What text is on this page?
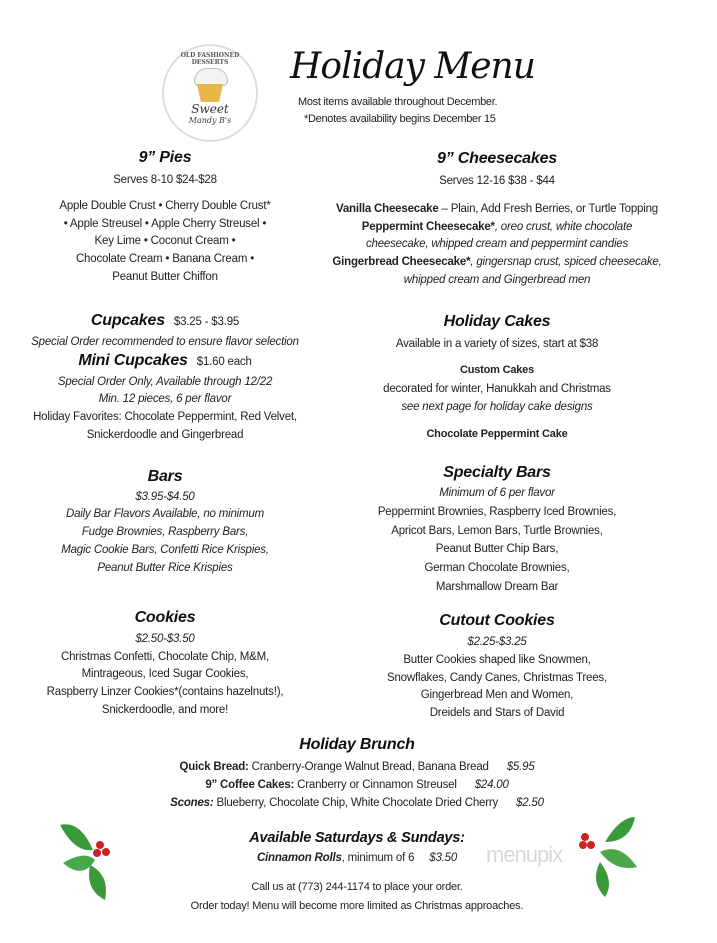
OLD FASHIONED DESSERTS
Sweet
Mandy B's
Holiday Menu
Most items available throughout December.
*Denotes availability begins December 15
9” Pies
Serves 8-10 $24-$28
Apple Double Crust • Cherry Double Crust*
• Apple Streusel • Apple Cherry Streusel •
Key Lime • Coconut Cream •
Chocolate Cream • Banana Cream •
Peanut Butter Chiffon
9” Cheesecakes
Serves 12-16 $38 - $44
Vanilla Cheesecake – Plain, Add Fresh Berries, or Turtle Topping
Peppermint Cheesecake*, oreo crust, white chocolate
cheesecake, whipped cream and peppermint candies
Gingerbread Cheesecake*, gingersnap crust, spiced cheesecake,
whipped cream and Gingerbread men
Cupcakes $3.25 - $3.95
Special Order recommended to ensure flavor selection
Mini Cupcakes $1.60 each
Special Order Only, Available through 12/22
Min. 12 pieces, 6 per flavor
Holiday Favorites: Chocolate Peppermint, Red Velvet,
Snickerdoodle and Gingerbread
Holiday Cakes
Available in a variety of sizes, start at $38
Custom Cakes
decorated for winter, Hanukkah and Christmas
see next page for holiday cake designs
Chocolate Peppermint Cake
Bars
$3.95-$4.50
Daily Bar Flavors Available, no minimum
Fudge Brownies, Raspberry Bars,
Magic Cookie Bars, Confetti Rice Krispies,
Peanut Butter Rice Krispies
Specialty Bars
Minimum of 6 per flavor
Peppermint Brownies, Raspberry Iced Brownies,
Apricot Bars, Lemon Bars, Turtle Brownies,
Peanut Butter Chip Bars,
German Chocolate Brownies,
Marshmallow Dream Bar
Cookies
$2.50-$3.50
Christmas Confetti, Chocolate Chip, M&M,
Mintrageous, Iced Sugar Cookies,
Raspberry Linzer Cookies*(contains hazelnuts!),
Snickerdoodle, and more!
Cutout Cookies
$2.25-$3.25
Butter Cookies shaped like Snowmen,
Snowflakes, Candy Canes, Christmas Trees,
Gingerbread Men and Women,
Dreidels and Stars of David
Holiday Brunch
Quick Bread: Cranberry-Orange Walnut Bread, Banana Bread $5.95
9” Coffee Cakes: Cranberry or Cinnamon Streusel $24.00
Scones: Blueberry, Chocolate Chip, White Chocolate Dried Cherry $2.50
Available Saturdays & Sundays:
Cinnamon Rolls, minimum of 6 $3.50
Call us at (773) 244-1174 to place your order.
Order today! Menu will become more limited as Christmas approaches.
menupix
